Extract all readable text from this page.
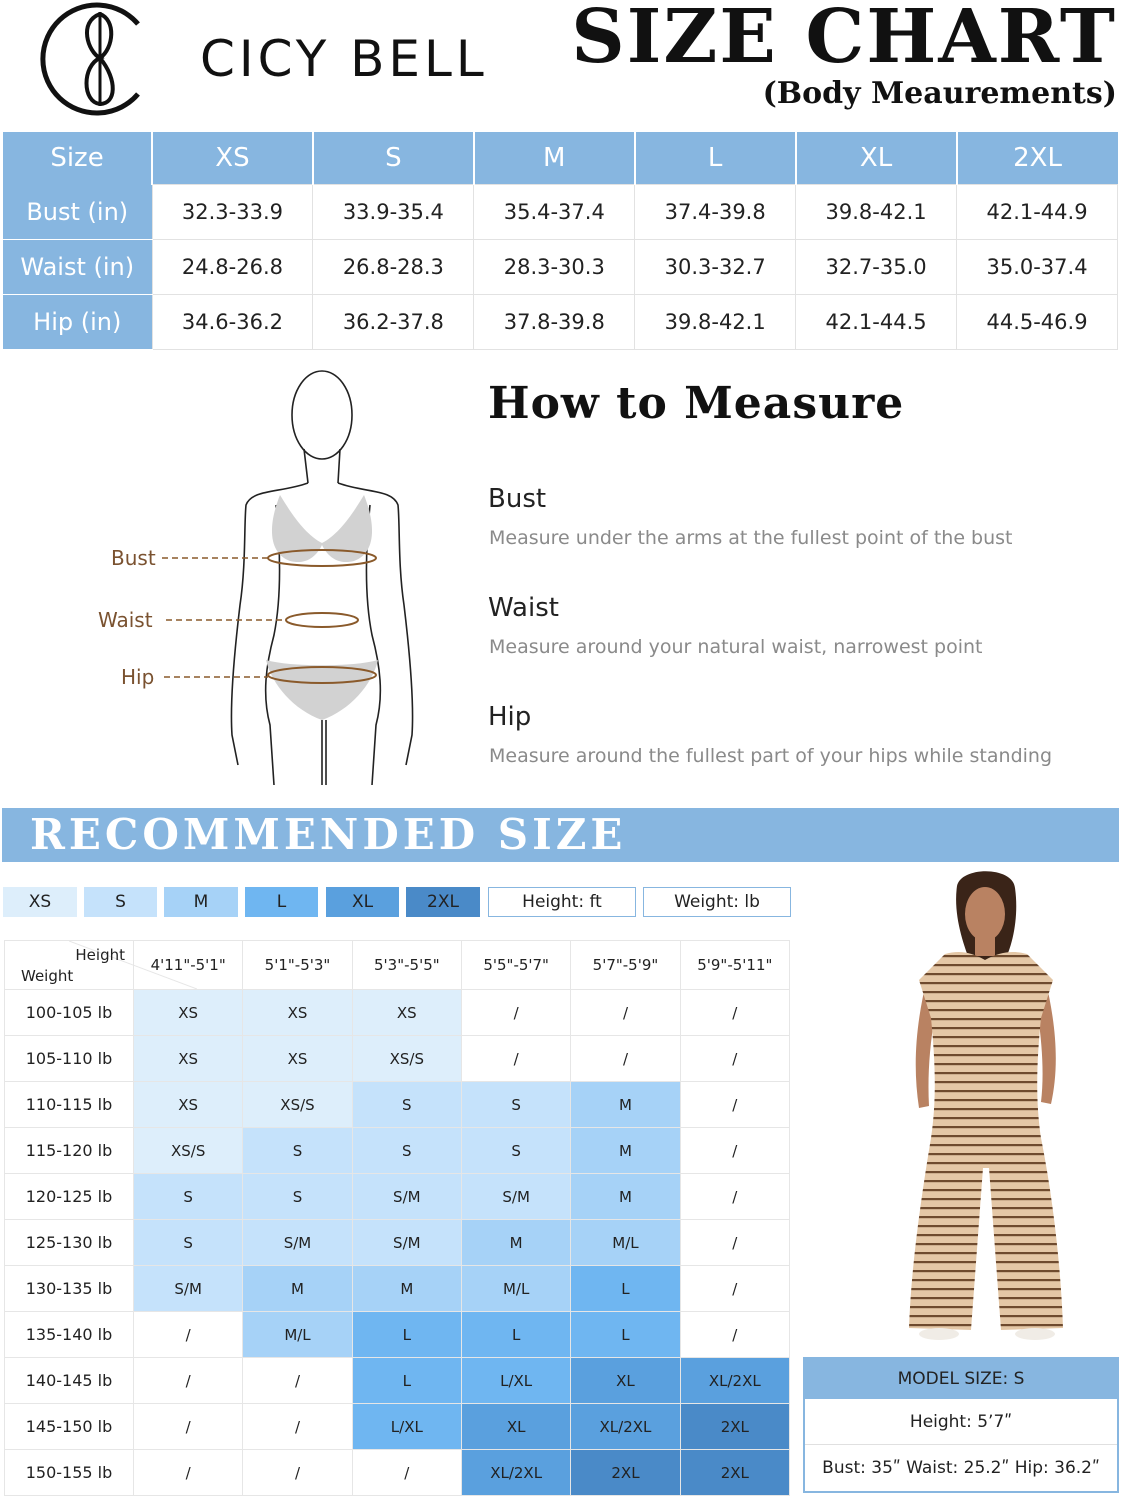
CICY BELL SIZE CHART
(Body Meaurements)
Size	XS	S	M	L	XL	2XL
Bust (in)	32.3-33.9	33.9-35.4	35.4-37.4	37.4-39.8	39.8-42.1	42.1-44.9
Waist (in)	24.8-26.8	26.8-28.3	28.3-30.3	30.3-32.7	32.7-35.0	35.0-37.4
Hip (in)	34.6-36.2	36.2-37.8	37.8-39.8	39.8-42.1	42.1-44.5	44.5-46.9
Bust
Waist
Hip
How to Measure
Bust
Measure under the arms at the fullest point of the bust
Waist
Measure around your natural waist, narrowest point
Hip
Measure around the fullest part of your hips while standing
RECOMMENDED SIZE
XS	S	M	L	XL	2XL	Height: ft	Weight: lb
Height
Weight	4'11"-5'1"	5'1"-5'3"	5'3"-5'5"	5'5"-5'7"	5'7"-5'9"	5'9"-5'11"
100-105 lb	XS	XS	XS	/	/	/
105-110 lb	XS	XS	XS/S	/	/	/
110-115 lb	XS	XS/S	S	S	M	/
115-120 lb	XS/S	S	S	S	M	/
120-125 lb	S	S	S/M	S/M	M	/
125-130 lb	S	S/M	S/M	M	M/L	/
130-135 lb	S/M	M	M	M/L	L	/
135-140 lb	/	M/L	L	L	L	/
140-145 lb	/	/	L	L/XL	XL	XL/2XL
145-150 lb	/	/	L/XL	XL	XL/2XL	2XL
150-155 lb	/	/	/	XL/2XL	2XL	2XL
MODEL SIZE: S
Height: 5ʼ7ʺ
Bust: 35ʺ Waist: 25.2ʺ Hip: 36.2ʺ
